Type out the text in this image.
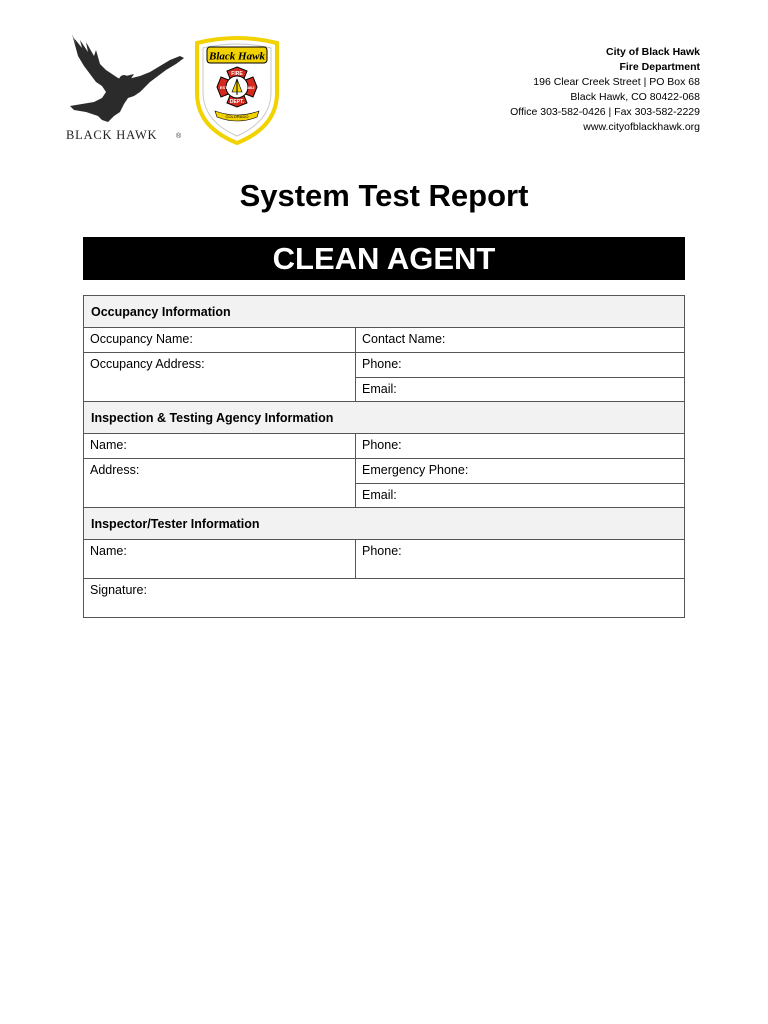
BLACK HAWK	®
Black Hawk
FIRE
DEPT.
EST.	1862
COLORADO
City of Black Hawk
Fire Department
196 Clear Creek Street | PO Box 68
Black Hawk, CO 80422-068
Office 303-582-0426 | Fax 303-582-2229
www.cityofblackhawk.org
System Test Report
CLEAN AGENT
Occupancy Information
Occupancy Name:	Contact Name:
Occupancy Address:	Phone:
Email:
Inspection & Testing Agency Information
Name:	Phone:
Address:	Emergency Phone:
Email:
Inspector/Tester Information
Name:	Phone:
Signature:
